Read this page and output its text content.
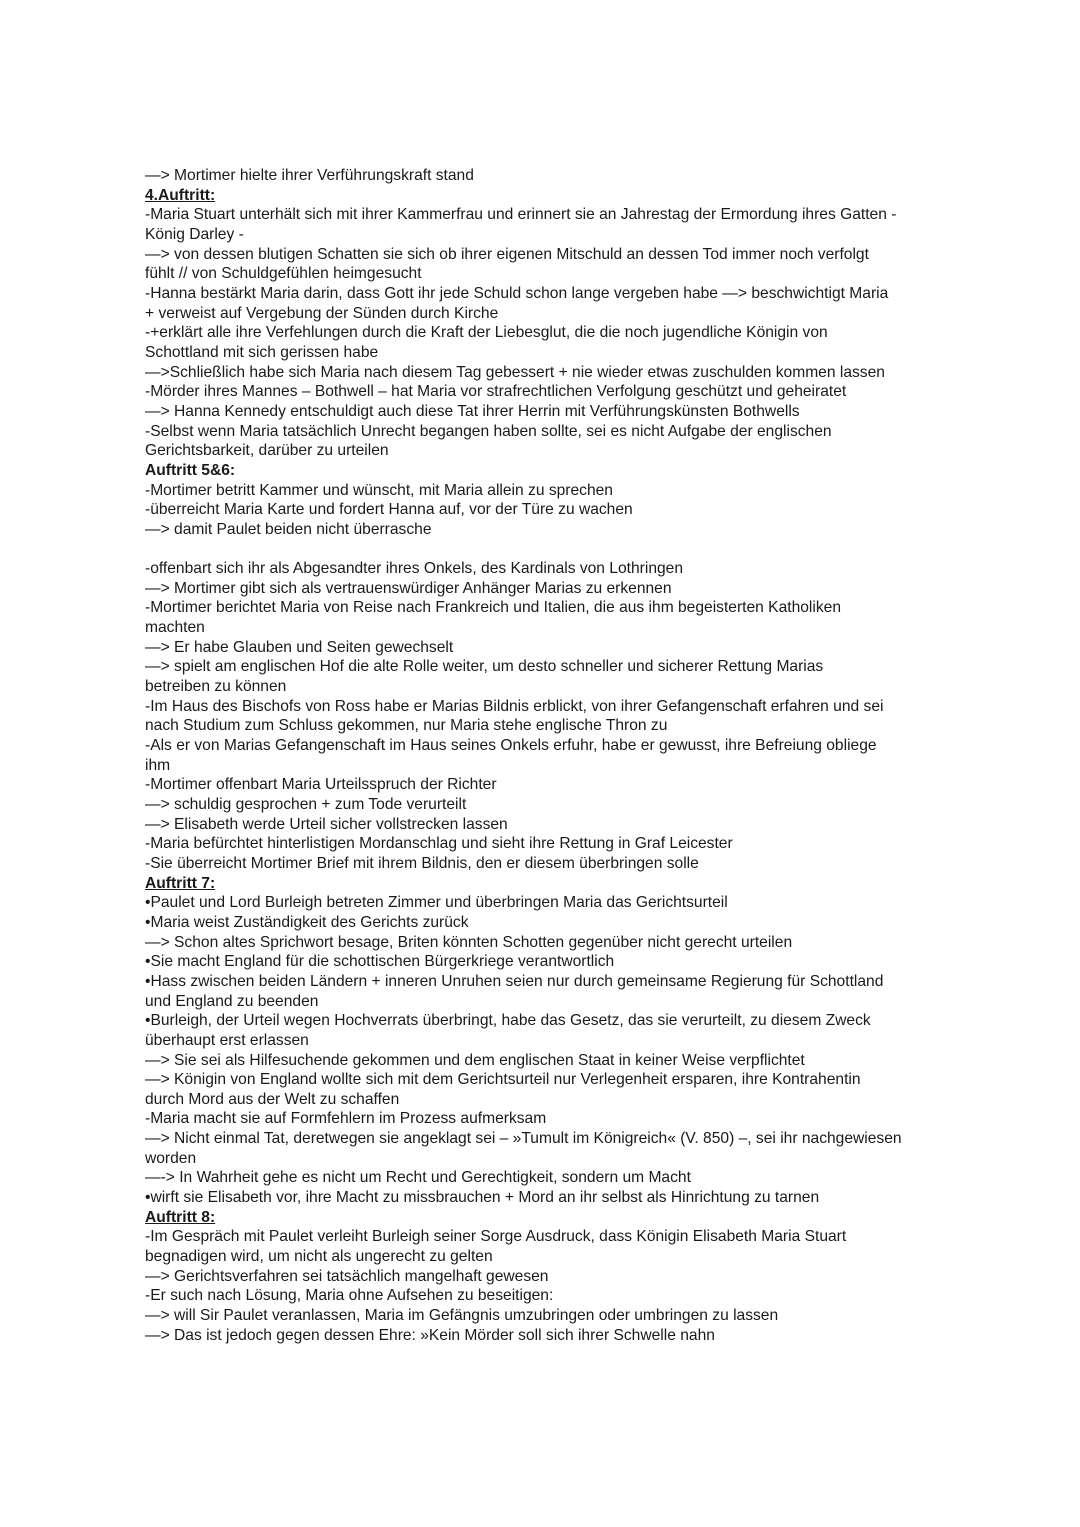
—> Mortimer hielte ihrer Verführungskraft stand
4.Auftritt:
-Maria Stuart unterhält sich mit ihrer Kammerfrau und erinnert sie an Jahrestag der Ermordung ihres Gatten -
König Darley -
—> von dessen blutigen Schatten sie sich ob ihrer eigenen Mitschuld an dessen Tod immer noch verfolgt
fühlt // von Schuldgefühlen heimgesucht
-Hanna bestärkt Maria darin, dass Gott ihr jede Schuld schon lange vergeben habe —> beschwichtigt Maria
+ verweist auf Vergebung der Sünden durch Kirche
-+erklärt alle ihre Verfehlungen durch die Kraft der Liebesglut, die die noch jugendliche Königin von
Schottland mit sich gerissen habe
—>Schließlich habe sich Maria nach diesem Tag gebessert + nie wieder etwas zuschulden kommen lassen
-Mörder ihres Mannes – Bothwell – hat Maria vor strafrechtlichen Verfolgung geschützt und geheiratet
—> Hanna Kennedy entschuldigt auch diese Tat ihrer Herrin mit Verführungskünsten Bothwells
-Selbst wenn Maria tatsächlich Unrecht begangen haben sollte, sei es nicht Aufgabe der englischen
Gerichtsbarkeit, darüber zu urteilen
Auftritt 5&6:
-Mortimer betritt Kammer und wünscht, mit Maria allein zu sprechen
-überreicht Maria Karte und fordert Hanna auf, vor der Türe zu wachen
—> damit Paulet beiden nicht überrasche
-offenbart sich ihr als Abgesandter ihres Onkels, des Kardinals von Lothringen
—> Mortimer gibt sich als vertrauenswürdiger Anhänger Marias zu erkennen
-Mortimer berichtet Maria von Reise nach Frankreich und Italien, die aus ihm begeisterten Katholiken
machten
—> Er habe Glauben und Seiten gewechselt
—> spielt am englischen Hof die alte Rolle weiter, um desto schneller und sicherer Rettung Marias
betreiben zu können
-Im Haus des Bischofs von Ross habe er Marias Bildnis erblickt, von ihrer Gefangenschaft erfahren und sei
nach Studium zum Schluss gekommen, nur Maria stehe englische Thron zu
-Als er von Marias Gefangenschaft im Haus seines Onkels erfuhr, habe er gewusst, ihre Befreiung obliege
ihm
-Mortimer offenbart Maria Urteilsspruch der Richter
—> schuldig gesprochen + zum Tode verurteilt
—> Elisabeth werde Urteil sicher vollstrecken lassen
-Maria befürchtet hinterlistigen Mordanschlag und sieht ihre Rettung in Graf Leicester
-Sie überreicht Mortimer Brief mit ihrem Bildnis, den er diesem überbringen solle
Auftritt 7:
•Paulet und Lord Burleigh betreten Zimmer und überbringen Maria das Gerichtsurteil
•Maria weist Zuständigkeit des Gerichts zurück
—> Schon altes Sprichwort besage, Briten könnten Schotten gegenüber nicht gerecht urteilen
•Sie macht England für die schottischen Bürgerkriege verantwortlich
•Hass zwischen beiden Ländern + inneren Unruhen seien nur durch gemeinsame Regierung für Schottland
und England zu beenden
•Burleigh, der Urteil wegen Hochverrats überbringt, habe das Gesetz, das sie verurteilt, zu diesem Zweck
überhaupt erst erlassen
—> Sie sei als Hilfesuchende gekommen und dem englischen Staat in keiner Weise verpflichtet
—> Königin von England wollte sich mit dem Gerichtsurteil nur Verlegenheit ersparen, ihre Kontrahentin
durch Mord aus der Welt zu schaffen
-Maria macht sie auf Formfehlern im Prozess aufmerksam
—> Nicht einmal Tat, deretwegen sie angeklagt sei – »Tumult im Königreich« (V. 850) –, sei ihr nachgewiesen
worden
—-> In Wahrheit gehe es nicht um Recht und Gerechtigkeit, sondern um Macht
•wirft sie Elisabeth vor, ihre Macht zu missbrauchen + Mord an ihr selbst als Hinrichtung zu tarnen
Auftritt 8:
-Im Gespräch mit Paulet verleiht Burleigh seiner Sorge Ausdruck, dass Königin Elisabeth Maria Stuart
begnadigen wird, um nicht als ungerecht zu gelten
—> Gerichtsverfahren sei tatsächlich mangelhaft gewesen
-Er such nach Lösung, Maria ohne Aufsehen zu beseitigen:
—> will Sir Paulet veranlassen, Maria im Gefängnis umzubringen oder umbringen zu lassen
—> Das ist jedoch gegen dessen Ehre: »Kein Mörder soll sich ihrer Schwelle nahn
